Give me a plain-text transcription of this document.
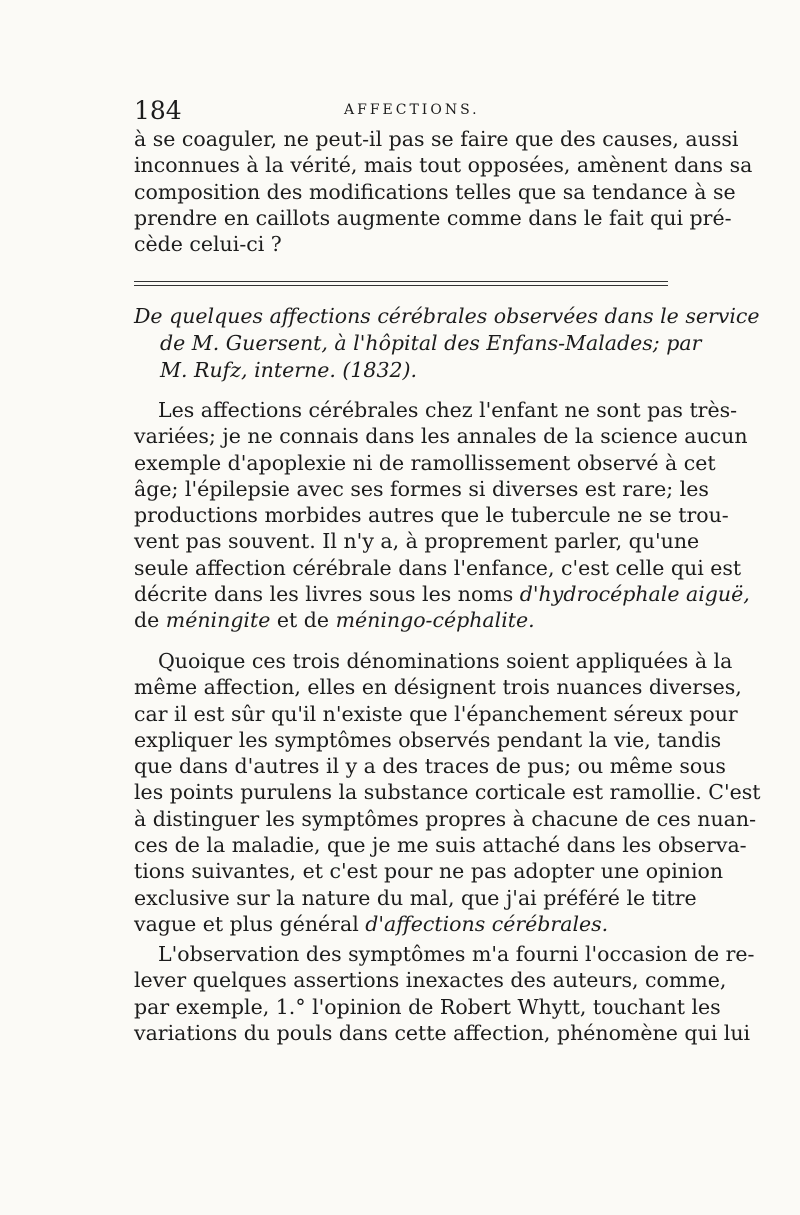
184	AFFECTIONS.
à se coaguler, ne peut-il pas se faire que des causes, aussi
inconnues à la vérité, mais tout opposées, amènent dans sa
composition des modifications telles que sa tendance à se
prendre en caillots augmente comme dans le fait qui pré-
cède celui-ci ?
De quelques affections cérébrales observées dans le service
de M. Guersent, à l'hôpital des Enfans-Malades; par
M. Rufz, interne. (1832).
Les affections cérébrales chez l'enfant ne sont pas très-
variées; je ne connais dans les annales de la science aucun
exemple d'apoplexie ni de ramollissement observé à cet
âge; l'épilepsie avec ses formes si diverses est rare; les
productions morbides autres que le tubercule ne se trou-
vent pas souvent. Il n'y a, à proprement parler, qu'une
seule affection cérébrale dans l'enfance, c'est celle qui est
décrite dans les livres sous les noms d'hydrocéphale aiguë,
de méningite et de méningo-céphalite.
Quoique ces trois dénominations soient appliquées à la
même affection, elles en désignent trois nuances diverses,
car il est sûr qu'il n'existe que l'épanchement séreux pour
expliquer les symptômes observés pendant la vie, tandis
que dans d'autres il y a des traces de pus; ou même sous
les points purulens la substance corticale est ramollie. C'est
à distinguer les symptômes propres à chacune de ces nuan-
ces de la maladie, que je me suis attaché dans les observa-
tions suivantes, et c'est pour ne pas adopter une opinion
exclusive sur la nature du mal, que j'ai préféré le titre
vague et plus général d'affections cérébrales.
L'observation des symptômes m'a fourni l'occasion de re-
lever quelques assertions inexactes des auteurs, comme,
par exemple, 1.° l'opinion de Robert Whytt, touchant les
variations du pouls dans cette affection, phénomène qui lui
